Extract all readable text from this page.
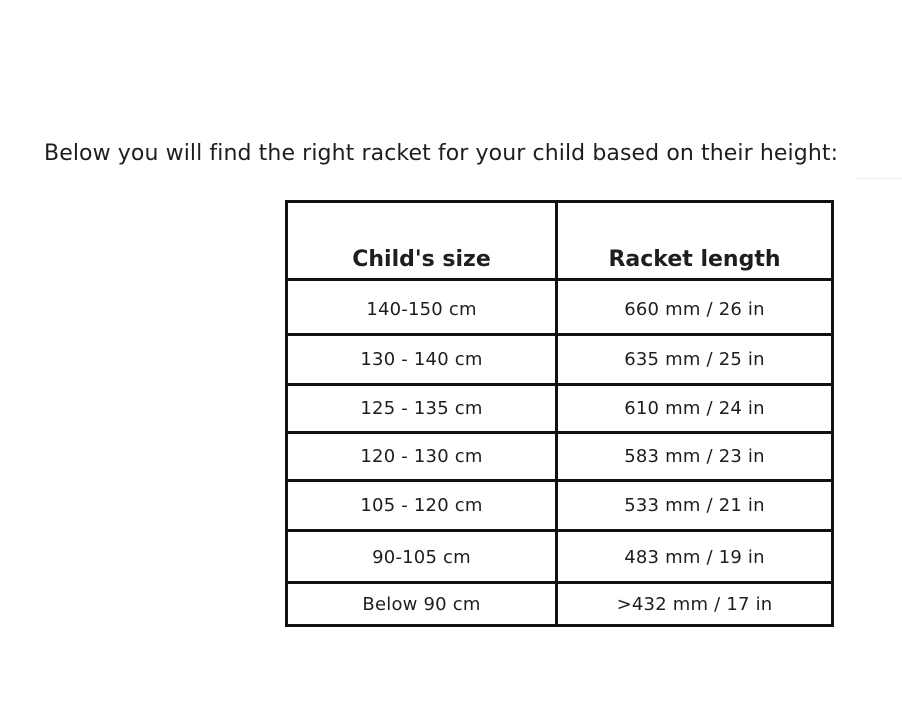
Below you will find the right racket for your child based on their height:

Child's size	Racket length
140-150 cm	660 mm / 26 in
130 - 140 cm	635 mm / 25 in
125 - 135 cm	610 mm / 24 in
120 - 130 cm	583 mm / 23 in
105 - 120 cm	533 mm / 21 in
90-105 cm	483 mm / 19 in
Below 90 cm	>432 mm / 17 in
